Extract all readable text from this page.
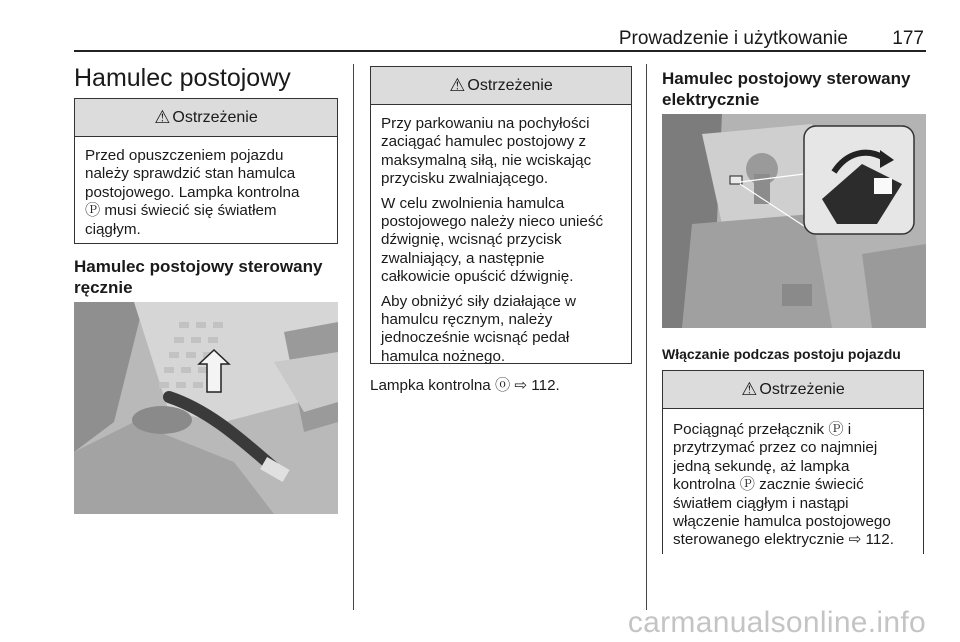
Prowadzenie i użytkowanie 177
Hamulec postojowy
⚠ Ostrzeżenie
Przed opuszczeniem pojazdu
należy sprawdzić stan hamulca
postojowego. Lampka kontrolna
Ⓟ musi świecić się światłem
ciągłym.
Hamulec postojowy sterowany
ręcznie
⚠ Ostrzeżenie

Przy parkowaniu na pochyłości
zaciągać hamulec postojowy z
maksymalną siłą, nie wciskając
przycisku zwalniającego.

W celu zwolnienia hamulca
postojowego należy nieco unieść
dźwignię, wcisnąć przycisk
zwalniający, a następnie
całkowicie opuścić dźwignię.

Aby obniżyć siły działające w
hamulcu ręcznym, należy
jednocześnie wcisnąć pedał
hamulca nożnego.

Lampka kontrolna ⓞ ⇨ 112.
Hamulec postojowy sterowany
elektrycznie
Włączanie podczas postoju pojazdu
⚠ Ostrzeżenie
Pociągnąć przełącznik Ⓟ i
przytrzymać przez co najmniej
jedną sekundę, aż lampka
kontrolna Ⓟ zacznie świecić
światłem ciągłym i nastąpi
włączenie hamulca postojowego
sterowanego elektrycznie ⇨ 112.
carmanualsonline.info
